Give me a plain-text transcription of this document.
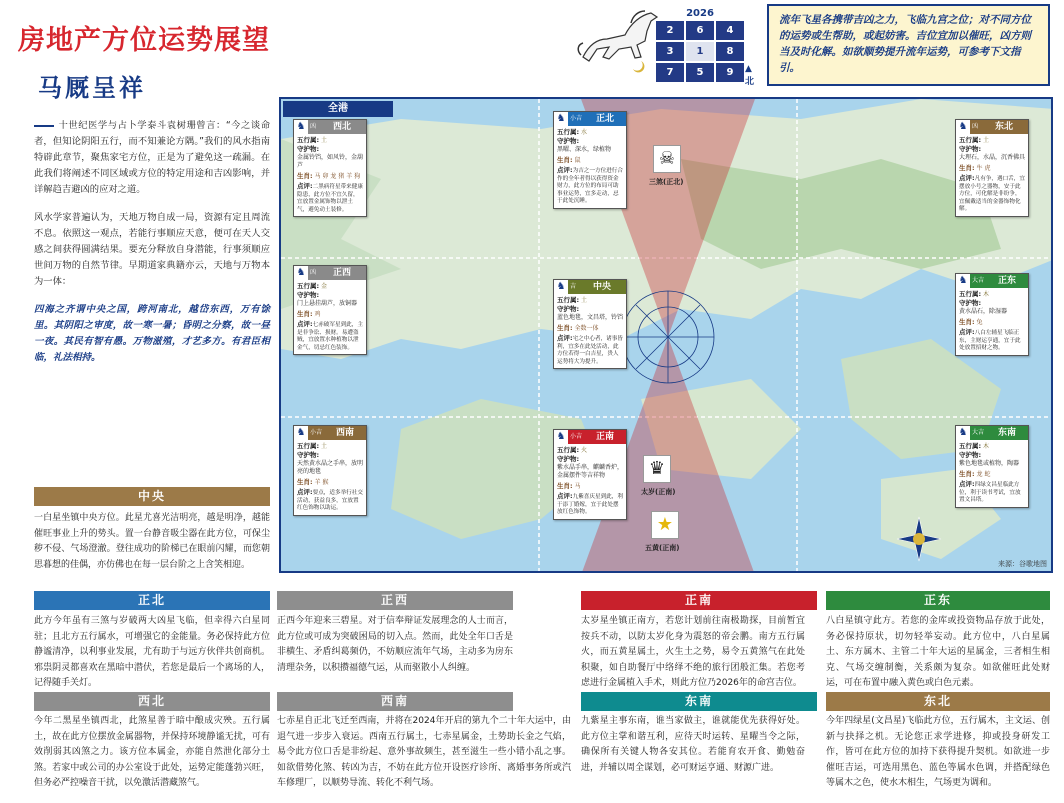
房地产方位运势展望
马厩呈祥
2026
2	6	4
3	1	8
7	5	9	▲
北
流年飞星各携带吉凶之力，飞临九宫之位；对不同方位的运势或生帮助，或起妨害。吉位宜加以催旺，凶方则当及时化解。如欲顺势提升流年运势，可参考下文指引。

十世纪医学与占卜学泰斗袁树珊曾言：“今之谈命者，但知论阴阳五行，而不知兼论方隅。”我们的风水指南特辟此章节，聚焦家宅方位，正是为了避免这一疏漏。在此我们将阐述不同区域或方位的特定用途和吉凶影响，并详解趋吉避凶的应对之道。

风水学家普遍认为，天地万物自成一局，资源有定且周流不息。依照这一观点，若能行事顺应天意，便可在天人交感之间获得圆满结果。要充分释放自身潜能，行事须顺应世间万物的自然节律。早期道家典籍亦云，天地与万物本为一体：

四海之齐谓中央之国，跨河南北，越岱东西，万有馀里。其阴阳之审度，故一寒一暑；昏明之分察，故一昼一夜。其民有智有愚。万物滋殖，才艺多方。有君臣相临，礼法相持。

全港
来源：谷歌地图
♞ 凶	西北
五行属: 土
守护物:
金属铃铛，如风铃，金葫芦
生肖: 马 卯 龙 猪 羊 狗
点评:二黑病符星带来健康隐患，此方位不宜久留，宜放置金属饰物以泄土气，避免动土装修。
♞ 小吉	正北
五行属: 水
守护物:
黑曜、深水，绿植物
生肖: 鼠
点评:为吉之一方位进行合作的全年者得以获得资金财力，此方位的布局可助事业运势，宜多走动，忌于此处沉睡。
♞ 凶	东北
五行属: 土
守护物:
大理石，水晶，沉香佛具
生肖: 牛 虎
点评:凡有争，遇口舌，宜摆放小号之器物，安于此方位，可化解是非纷争，宜佩戴适当的金器饰物化解。
♞ 凶	正西
五行属: 金
守护物:
门上悬挂葫芦，放铜器
生肖: 鸡
点评:七赤破军星到此，主是非争讼、损财。易遭盗贼，宜放置水种植物以泄金气，切忌红色装饰。
♞ 吉	中央
五行属: 土
守护物:
蓝色地毯，文昌塔，铃铛
生肖: 全数一体
点评:宅之中心者，诸事皆利，宜多在此处活动，此方位若得一白吉星，贵人运势将大为提升。
♞ 大吉	正东
五行属: 木
守护物:
黄水晶石，除湿器
生肖: 兔
点评:八白左辅星飞临正东，主财运亨通，宜于此处放置招财之物。
♞ 小吉	西南
五行属: 土
守护物:
天然黄水晶之手串，放明亮的地毯
生肖: 羊 猴
点评:要点，适多举行社交活动，获益良多，宜放置红色饰物以助运。
♞ 小吉	正南
五行属: 火
守护物:
紫水晶手串，麒麟香炉，金属摆件等吉祥物
生肖: 马
点评:九紫喜庆星到此，利于添丁婚嫁，宜于此处摆放红色饰物。
♞ 大吉	东南
五行属: 木
守护物:
紫色地毯或植物，陶器
生肖: 龙 蛇
点评:四绿文昌星临此方位，利于读书考试，宜放置文昌塔。
☠
三煞(正北)
♛
太岁(正南)
★
五黄(正南)
中央
一白星坐镇中央方位。此星尤喜光洁明亮，越是明净，越能催旺事业上升的势头。置一台静音吸尘器在此方位，可保尘秽不侵、气场澄澈。登往成功的阶梯已在眼前闪耀，而您朝思暮想的佳偶，亦仿佛也在每一层台阶之上含笑相迎。
正北
此方今年虽有三煞与岁破两大凶星飞临，但幸得六白星同驻；且北方五行属水，可增强它的金能量。务必保持此方位静谧清净，以利事业发展，尤有助于与远方伙伴共创商机。邪祟阴灵都喜欢在黑暗中潜伏，若您是最后一个离场的人，记得随手关灯。
正西
正西今年迎来三碧星。对于信奉辩证发展理念的人士而言，此方位或可成为突破困局的切入点。然而，此处全年口舌是非横生、矛盾纠葛频仍，不妨顺应流年气场，主动多为房东清理杂务，以积攒福德气运，从而驱散小人纠缠。
正南
太岁星坐镇正南方，若您计划前往南极勘探，目前暂宜按兵不动，以防太岁化身为震怒的帝会鹏。南方五行属火，而五黄星属土，火生土之势，易令五黄煞气在此处积聚，如自助餐厅中络绎不绝的旅行团般汇集。若您考虑进行金属植入手术，则此方位乃2026年的命宫吉位。
正东
八白星镇守此方。若您的金库或投资物品存放于此处，务必保持原状，切勿轻举妄动。此方位中，八白星属土、东方属木、主管二十年大运的星属金，三者相生相克、气场交缠制衡，关系颇为复杂。如欲催旺此处财运，可在布置中融入黄色或白色元素。
西北
今年二黑星坐镇西北，此煞星善于暗中酿成灾殃。五行属土，故在此方位摆放金属器物，并保持环境静谧无扰，可有效削弱其凶煞之力。该方位本属金，亦能自然泄化部分土煞。若家中或公司的办公室设于此处，运势定能蓬勃兴旺，但务必严控噪音干扰，以免激活潜藏煞气。
西南
七赤星自正北飞迁至西南，并将在2024年开启的第九个二十年大运中，由退气进一步步入衰运。西南五行属土，七赤星属金，土势助长金之气焰，易令此方位口舌是非纷起、意外事故频生，甚至滋生一些小错小乱之事。如欲借势化煞、转凶为吉，不妨在此方位开设医疗诊所、离婚事务所或汽车修理厂，以顺势导流、转化不利气场。
东南
九紫星主事东南，谁当家做主，谁就能优先获得好处。此方位主掌和谐互利，应待天时运转、星曜当令之际，确保所有关键人物各安其位。若能育农开食、勤勉奋进，并辅以周全谋划，必可财运亨通、财源广进。
东北
今年四绿星(文昌星)飞临此方位，五行属木，主文运、创新与抉择之机。无论您正求学进修，抑或投身研发工作，皆可在此方位的加持下获得提升契机。如欲进一步催旺吉运，可选用黑色、蓝色等属水色调，并搭配绿色等属木之色，使水木相生，气场更为调和。
